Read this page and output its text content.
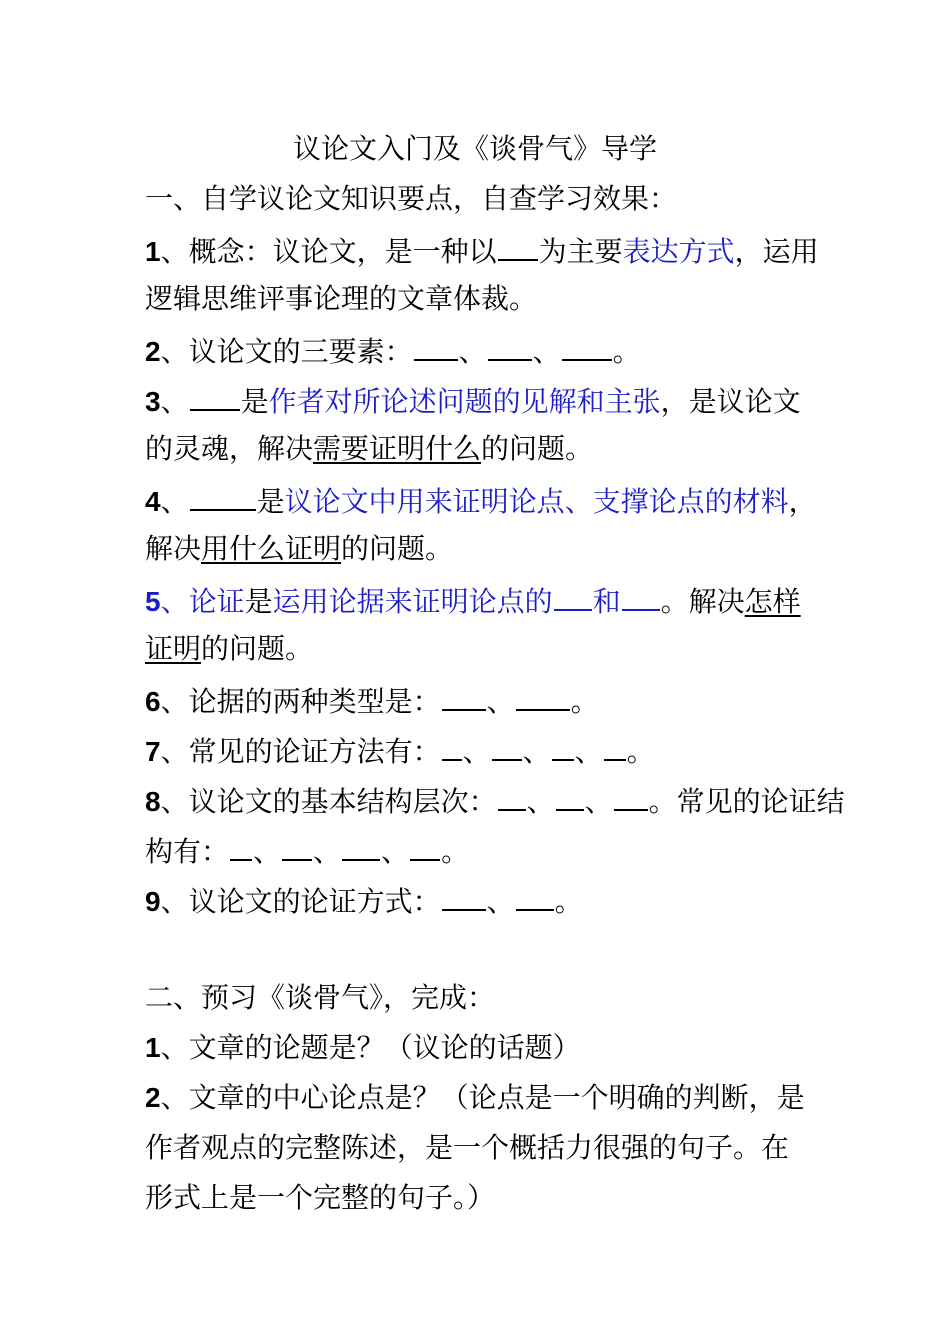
议论文入门及《谈骨气》导学
一、自学议论文知识要点，自查学习效果：
1、概念：议论文，是一种以 为主要表达方式，运用
逻辑思维评事论理的文章体裁。
2、议论文的三要素： 、 、 。
3、 是作者对所论述问题的见解和主张，是议论文
的灵魂，解决需要证明什么的问题。
4、 是议论文中用来证明论点、支撑论点的材料，
解决用什么证明的问题。
5、论证是运用论据来证明论点的 和 。解决怎样
证明的问题。
6、论据的两种类型是： 、 。
7、常见的论证方法有： 、 、 、 。
8、议论文的基本结构层次： 、 、 。常见的论证结
构有： 、 、 、 。
9、议论文的论证方式： 、 。
二、预习《谈骨气》，完成：
1、文章的论题是？（议论的话题）
2、文章的中心论点是？（论点是一个明确的判断，是
作者观点的完整陈述，是一个概括力很强的句子。在
形式上是一个完整的句子。）
